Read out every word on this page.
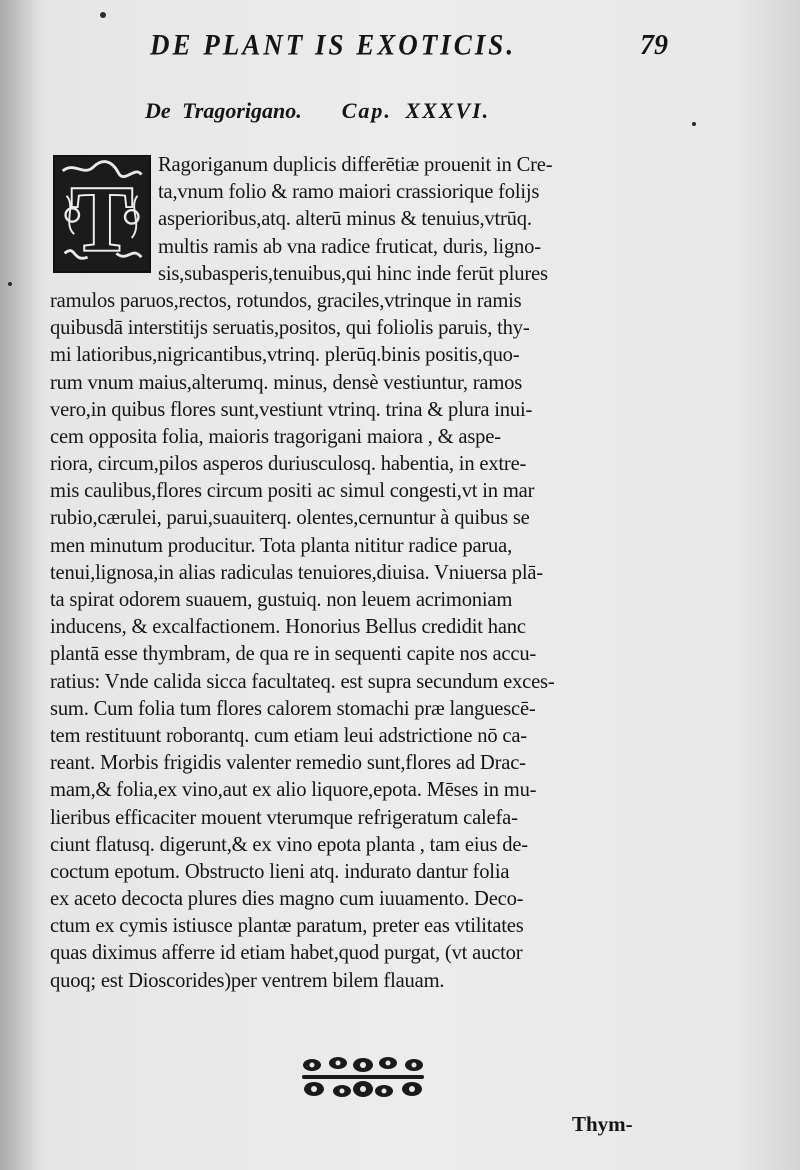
DE PLANT IS EXOTICIS.	79
De Tragorigano. Cap. XXXVI.
T
Ragoriganum duplicis differētiæ prouenit in Cre-
ta,vnum folio & ramo maiori crassiorique folijs
asperioribus,atq. alterū minus & tenuius,vtrūq.
multis ramis ab vna radice fruticat, duris, ligno-
sis,subasperis,tenuibus,qui hinc inde ferūt plures
ramulos paruos,rectos, rotundos, graciles,vtrinque in ramis
quibusdā interstitijs seruatis,positos, qui foliolis paruis, thy-
mi latioribus,nigricantibus,vtrinq. plerūq.binis positis,quo-
rum vnum maius,alterumq. minus, densè vestiuntur, ramos
vero,in quibus flores sunt,vestiunt vtrinq. trina & plura inui-
cem opposita folia, maioris tragorigani maiora , & aspe-
riora, circum,pilos asperos duriusculosq. habentia, in extre-
mis caulibus,flores circum positi ac simul congesti,vt in mar
rubio,cærulei, parui,suauiterq. olentes,cernuntur à quibus se
men minutum producitur. Tota planta nititur radice parua,
tenui,lignosa,in alias radiculas tenuiores,diuisa. Vniuersa plā-
ta spirat odorem suauem, gustuiq. non leuem acrimoniam
inducens, & excalfactionem. Honorius Bellus credidit hanc
plantā esse thymbram, de qua re in sequenti capite nos accu-
ratius: Vnde calida sicca facultateq. est supra secundum exces-
sum. Cum folia tum flores calorem stomachi præ languescē-
tem restituunt roborantq. cum etiam leui adstrictione nō ca-
reant. Morbis frigidis valenter remedio sunt,flores ad Drac-
mam,& folia,ex vino,aut ex alio liquore,epota. Mēses in mu-
lieribus efficaciter mouent vterumque refrigeratum calefa-
ciunt flatusq. digerunt,& ex vino epota planta , tam eius de-
coctum epotum. Obstructo lieni atq. indurato dantur folia
ex aceto decocta plures dies magno cum iuuamento. Deco-
ctum ex cymis istiusce plantæ paratum, preter eas vtilitates
quas diximus afferre id etiam habet,quod purgat, (vt auctor
quoq; est Dioscorides)per ventrem bilem flauam.
Thym-
